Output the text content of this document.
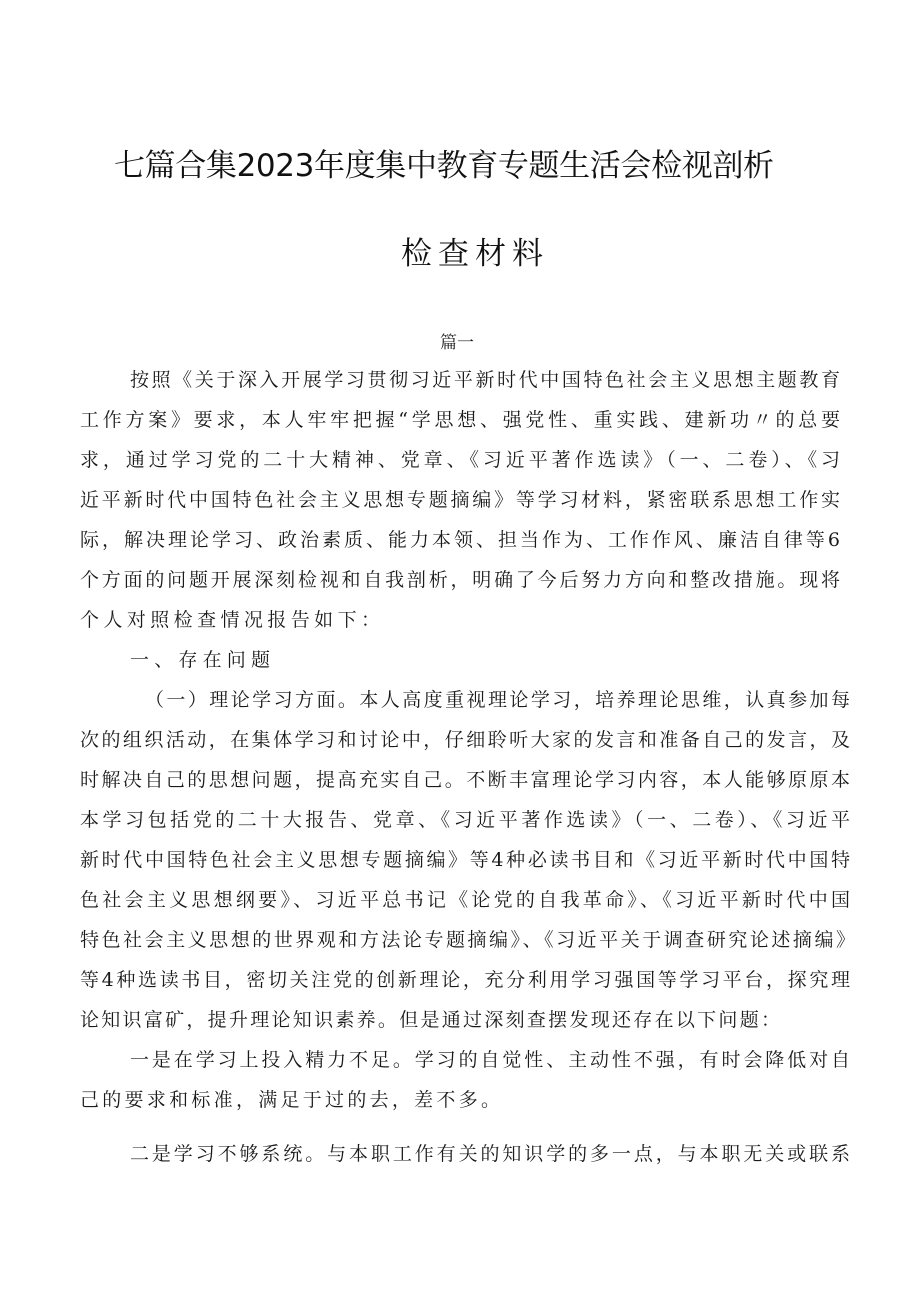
七篇合集2023年度集中教育专题生活会检视剖析
检查材料
篇一
按照《关于深入开展学习贯彻习近平新时代中国特色社会主义思想主题教育
工作方案》要求，本人牢牢把握“学思想、强党性、重实践、建新功〃的总要
求，通过学习党的二十大精神、党章、《习近平著作选读》（一、二卷）、《习
近平新时代中国特色社会主义思想专题摘编》等学习材料，紧密联系思想工作实
际，解决理论学习、政治素质、能力本领、担当作为、工作作风、廉洁自律等6
个方面的问题开展深刻检视和自我剖析，明确了今后努力方向和整改措施。现将
个人对照检查情况报告如下：
一、存在问题
（一）理论学习方面。本人高度重视理论学习，培养理论思维，认真参加每
次的组织活动，在集体学习和讨论中，仔细聆听大家的发言和准备自己的发言，及
时解决自己的思想问题，提高充实自己。不断丰富理论学习内容，本人能够原原本
本学习包括党的二十大报告、党章、《习近平著作选读》（一、二卷）、《习近平
新时代中国特色社会主义思想专题摘编》等4种必读书目和《习近平新时代中国特
色社会主义思想纲要》、习近平总书记《论党的自我革命》、《习近平新时代中国
特色社会主义思想的世界观和方法论专题摘编》、《习近平关于调查研究论述摘编》
等4种选读书目，密切关注党的创新理论，充分利用学习强国等学习平台，探究理
论知识富矿，提升理论知识素养。但是通过深刻查摆发现还存在以下问题：
一是在学习上投入精力不足。学习的自觉性、主动性不强，有时会降低对自
己的要求和标准，满足于过的去，差不多。
二是学习不够系统。与本职工作有关的知识学的多一点，与本职无关或联系
